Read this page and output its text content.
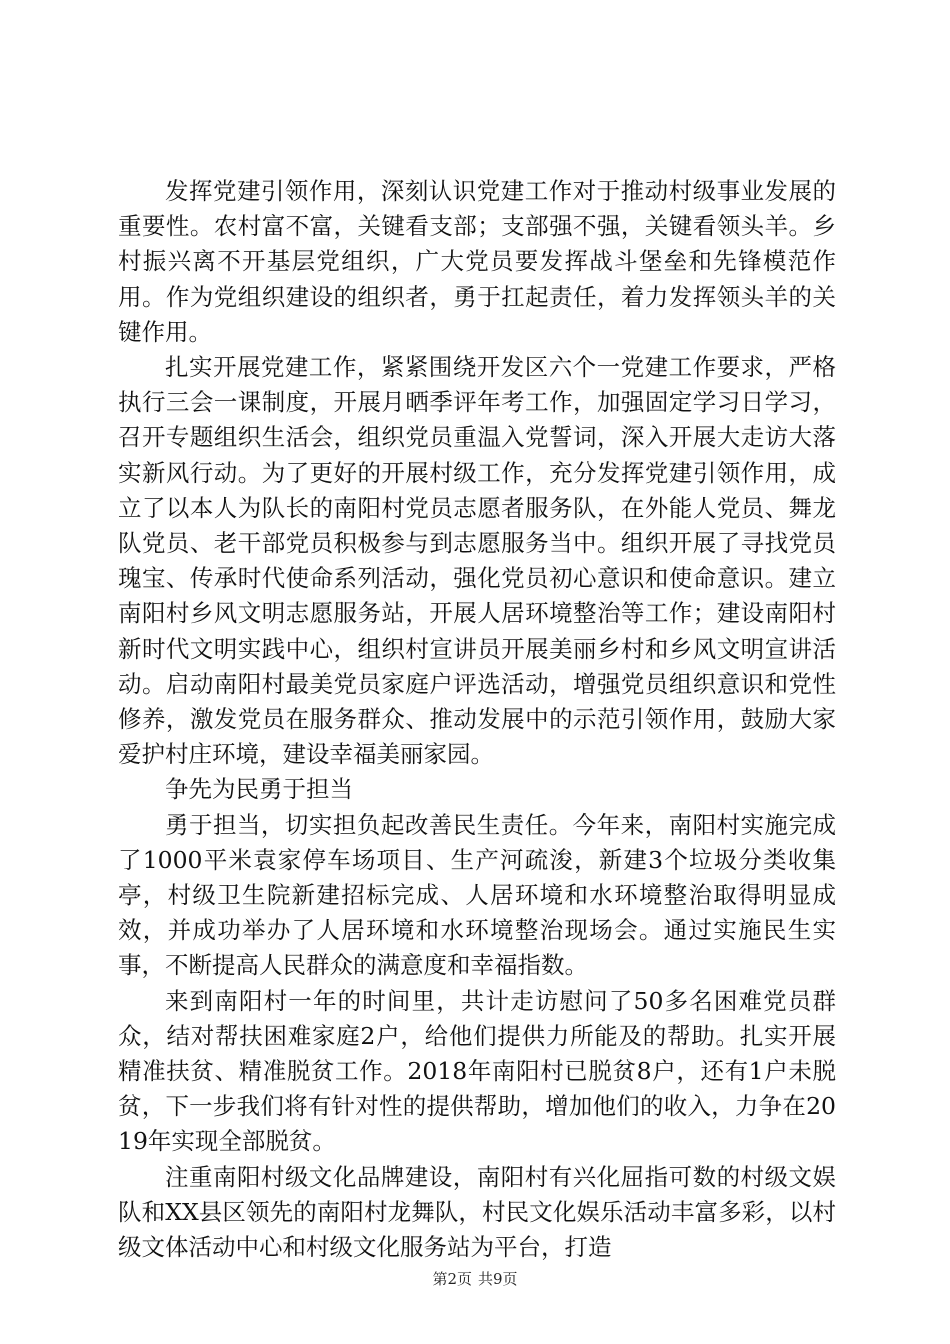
发挥党建引领作用，深刻认识党建工作对于推动村级事业发展的重要性。农村富不富，关键看支部；支部强不强，关键看领头羊。乡村振兴离不开基层党组织，广大党员要发挥战斗堡垒和先锋模范作用。作为党组织建设的组织者，勇于扛起责任，着力发挥领头羊的关键作用。

扎实开展党建工作，紧紧围绕开发区六个一党建工作要求，严格执行三会一课制度，开展月晒季评年考工作，加强固定学习日学习，召开专题组织生活会，组织党员重温入党誓词，深入开展大走访大落实新风行动。为了更好的开展村级工作，充分发挥党建引领作用，成立了以本人为队长的南阳村党员志愿者服务队，在外能人党员、舞龙队党员、老干部党员积极参与到志愿服务当中。组织开展了寻找党员瑰宝、传承时代使命系列活动，强化党员初心意识和使命意识。建立南阳村乡风文明志愿服务站，开展人居环境整治等工作；建设南阳村新时代文明实践中心，组织村宣讲员开展美丽乡村和乡风文明宣讲活动。启动南阳村最美党员家庭户评选活动，增强党员组织意识和党性修养，激发党员在服务群众、推动发展中的示范引领作用，鼓励大家爱护村庄环境，建设幸福美丽家园。

争先为民勇于担当

勇于担当，切实担负起改善民生责任。今年来，南阳村实施完成了1000平米袁家停车场项目、生产河疏浚，新建3个垃圾分类收集亭，村级卫生院新建招标完成、人居环境和水环境整治取得明显成效，并成功举办了人居环境和水环境整治现场会。通过实施民生实事，不断提高人民群众的满意度和幸福指数。

来到南阳村一年的时间里，共计走访慰问了50多名困难党员群众，结对帮扶困难家庭2户，给他们提供力所能及的帮助。扎实开展精准扶贫、精准脱贫工作。2018年南阳村已脱贫8户，还有1户未脱贫，下一步我们将有针对性的提供帮助，增加他们的收入，力争在2019年实现全部脱贫。

注重南阳村级文化品牌建设，南阳村有兴化屈指可数的村级文娱队和XX县区领先的南阳村龙舞队，村民文化娱乐活动丰富多彩，以村级文体活动中心和村级文化服务站为平台，打造

第2页 共9页
